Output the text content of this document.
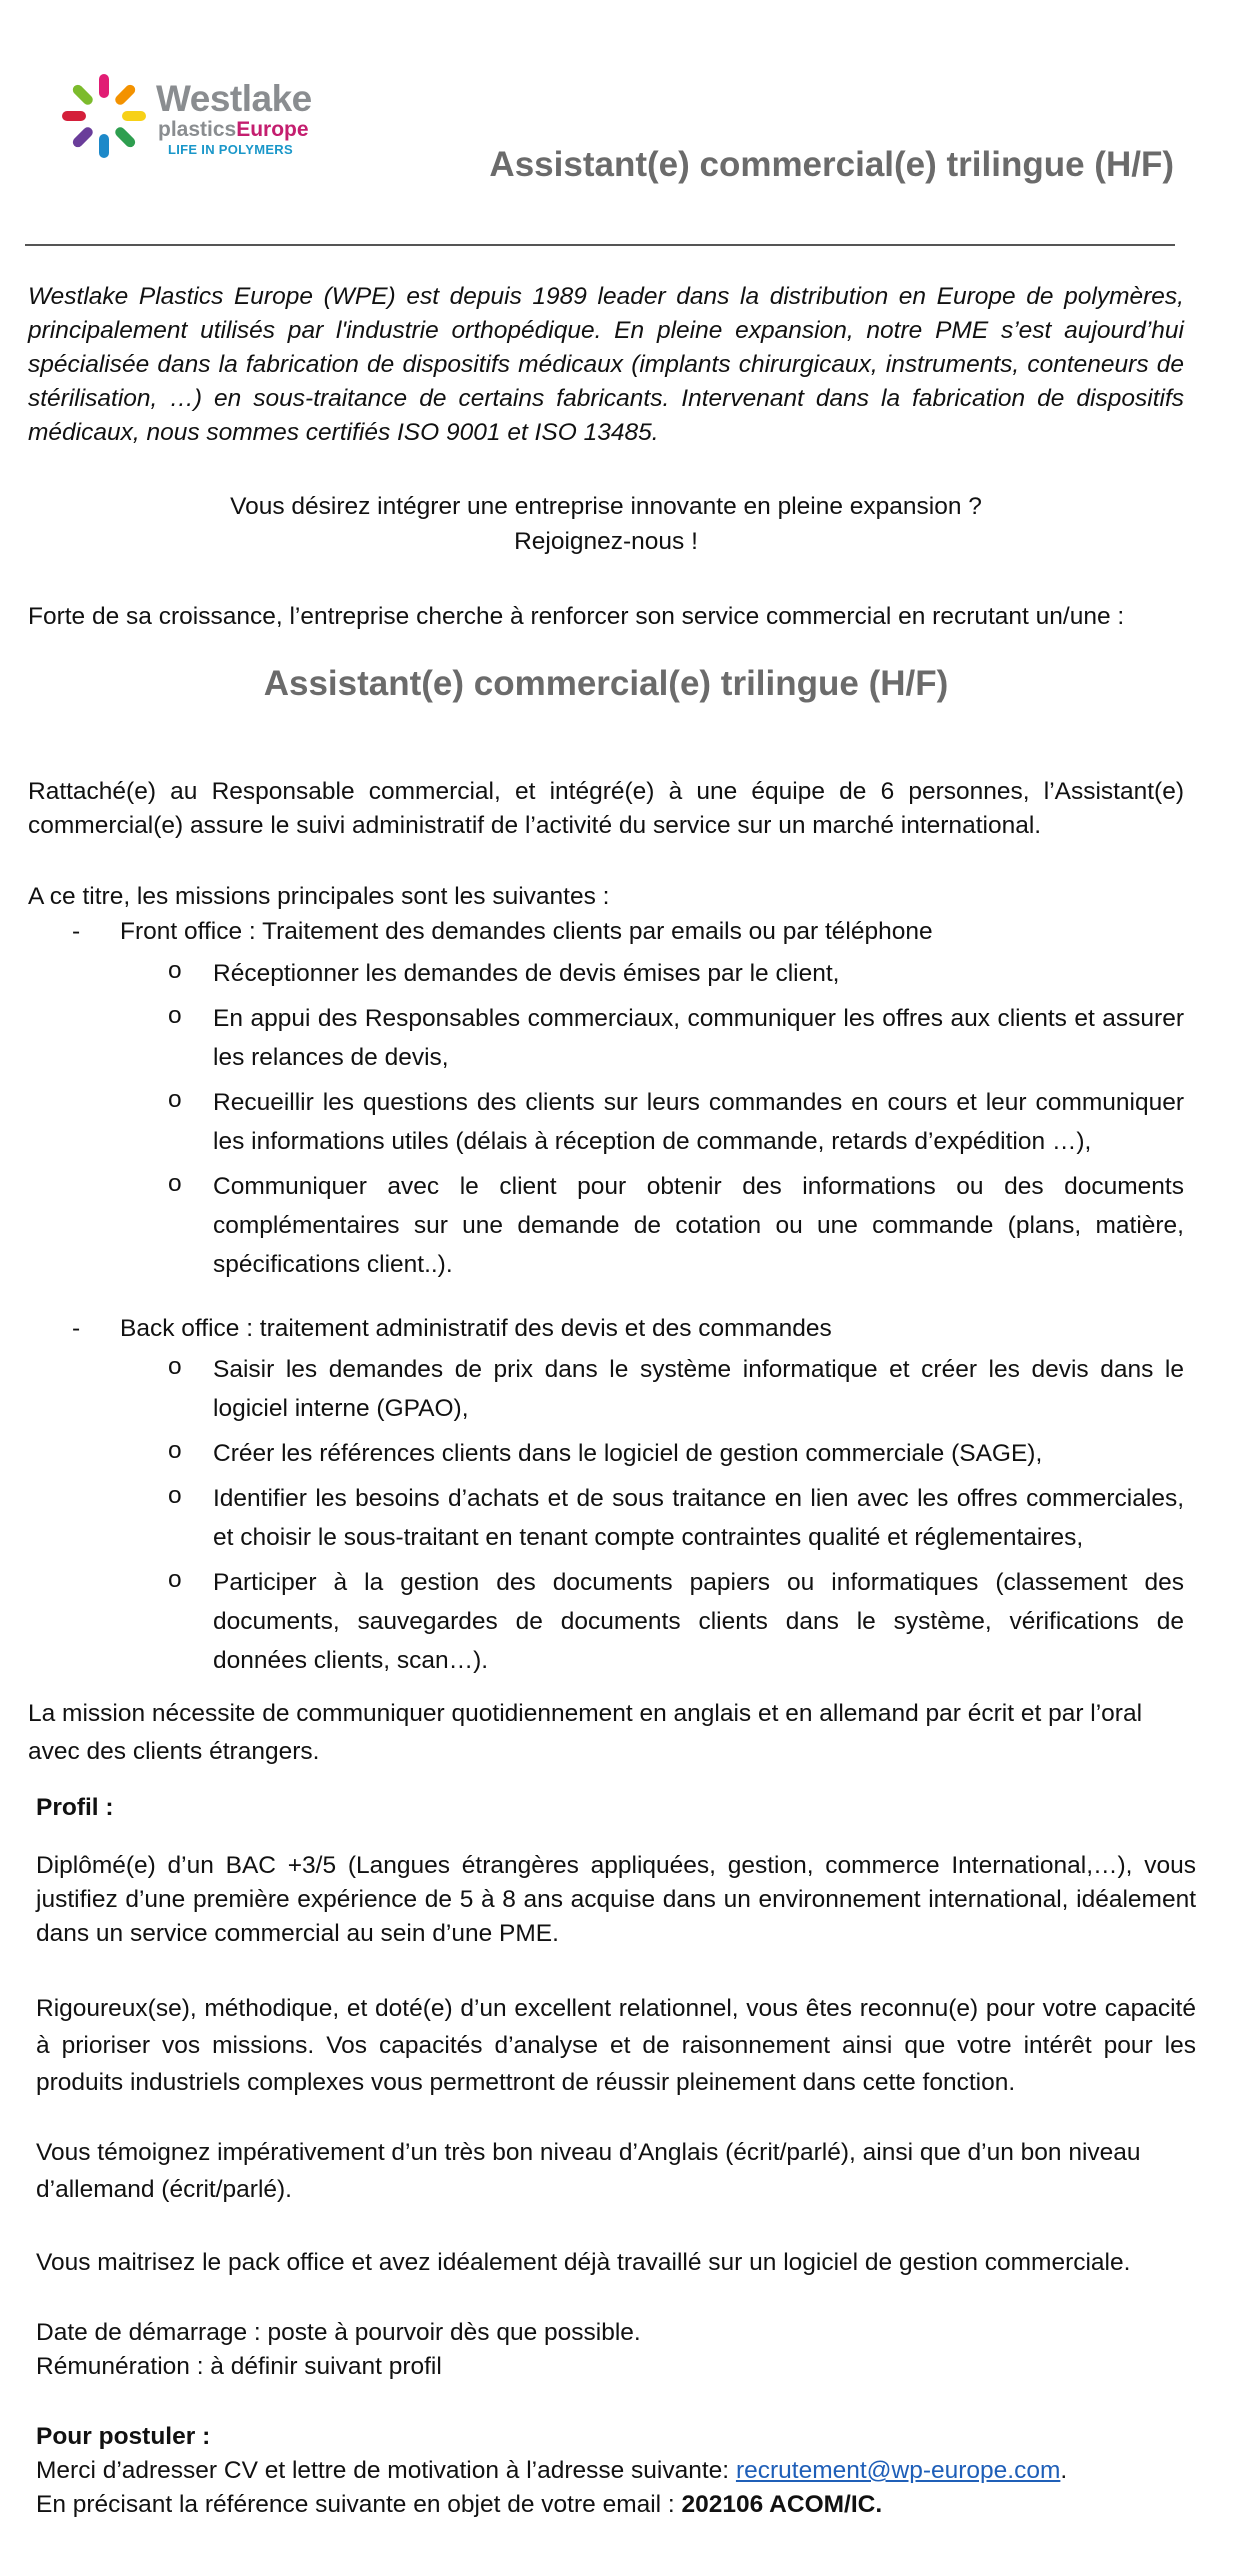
Westlake
plasticsEurope
LIFE IN POLYMERS	Assistant(e) commercial(e) trilingue (H/F)
Westlake Plastics Europe (WPE) est depuis 1989 leader dans la distribution en Europe de polymères, principalement utilisés par l'industrie orthopédique. En pleine expansion, notre PME s’est aujourd’hui spécialisée dans la fabrication de dispositifs médicaux (implants chirurgicaux, instruments, conteneurs de stérilisation, …) en sous-traitance de certains fabricants. Intervenant dans la fabrication de dispositifs médicaux, nous sommes certifiés ISO 9001 et ISO 13485.
Vous désirez intégrer une entreprise innovante en pleine expansion ?
Rejoignez-nous !
Forte de sa croissance, l’entreprise cherche à renforcer son service commercial en recrutant un/une :
Assistant(e) commercial(e) trilingue (H/F)
Rattaché(e) au Responsable commercial, et intégré(e) à une équipe de 6 personnes, l’Assistant(e) commercial(e) assure le suivi administratif de l’activité du service sur un marché international.
A ce titre, les missions principales sont les suivantes :
- Front office : Traitement des demandes clients par emails ou par téléphone
o Réceptionner les demandes de devis émises par le client,
o En appui des Responsables commerciaux, communiquer les offres aux clients et assurer les relances de devis,
o Recueillir les questions des clients sur leurs commandes en cours et leur communiquer les informations utiles (délais à réception de commande, retards d’expédition …),
o Communiquer avec le client pour obtenir des informations ou des documents complémentaires sur une demande de cotation ou une commande (plans, matière, spécifications client..).
- Back office : traitement administratif des devis et des commandes
o Saisir les demandes de prix dans le système informatique et créer les devis dans le logiciel interne (GPAO),
o Créer les références clients dans le logiciel de gestion commerciale (SAGE),
o Identifier les besoins d’achats et de sous traitance en lien avec les offres commerciales, et choisir le sous-traitant en tenant compte contraintes qualité et réglementaires,
o Participer à la gestion des documents papiers ou informatiques (classement des documents, sauvegardes de documents clients dans le système, vérifications de données clients, scan…).
La mission nécessite de communiquer quotidiennement en anglais et en allemand par écrit et par l’oral avec des clients étrangers.
Profil :
Diplômé(e) d’un BAC +3/5 (Langues étrangères appliquées, gestion, commerce International,…), vous justifiez d’une première expérience de 5 à 8 ans acquise dans un environnement international, idéalement dans un service commercial au sein d’une PME.
Rigoureux(se), méthodique, et doté(e) d’un excellent relationnel, vous êtes reconnu(e) pour votre capacité à prioriser vos missions. Vos capacités d’analyse et de raisonnement ainsi que votre intérêt pour les produits industriels complexes vous permettront de réussir pleinement dans cette fonction.
Vous témoignez impérativement d’un très bon niveau d’Anglais (écrit/parlé), ainsi que d’un bon niveau d’allemand (écrit/parlé).
Vous maitrisez le pack office et avez idéalement déjà travaillé sur un logiciel de gestion commerciale.
Date de démarrage : poste à pourvoir dès que possible.
Rémunération : à définir suivant profil
Pour postuler :
Merci d’adresser CV et lettre de motivation à l’adresse suivante: recrutement@wp-europe.com.
En précisant la référence suivante en objet de votre email : 202106 ACOM/IC.
